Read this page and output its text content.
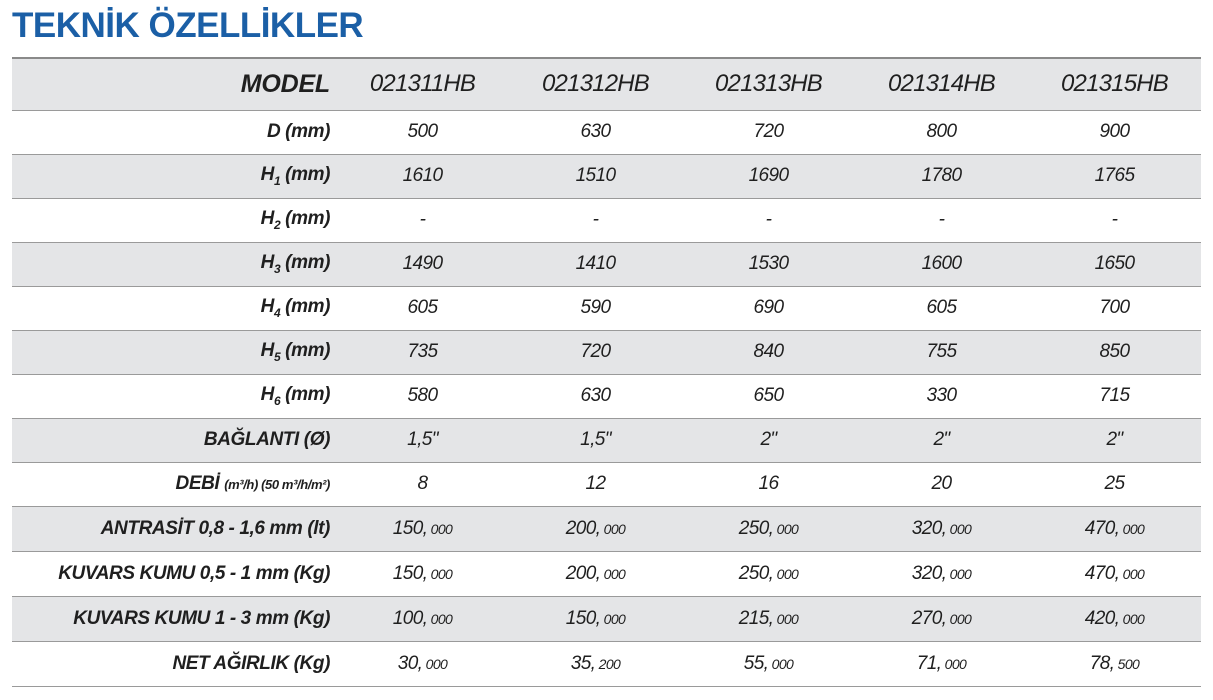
TEKNİK ÖZELLİKLER
MODEL	021311HB	021312HB	021313HB	021314HB	021315HB
D (mm)	500	630	720	800	900
$H_1$ (mm)	1610	1510	1690	1780	1765
$H_2$ (mm)	-	-	-	-	-
$H_3$ (mm)	1490	1410	1530	1600	1650
$H_4$ (mm)	605	590	690	605	700
$H_5$ (mm)	735	720	840	755	850
$H_6$ (mm)	580	630	650	330	715
BAĞLANTI (Ø)	1,5"	1,5"	2"	2"	2"
DEBİ (m³/h) (50 m³/h/m²)	8	12	16	20	25
ANTRASİT 0,8 - 1,6 mm (lt)	150, 000	200, 000	250, 000	320, 000	470, 000
KUVARS KUMU 0,5 - 1 mm (Kg)	150, 000	200, 000	250, 000	320, 000	470, 000
KUVARS KUMU 1 - 3 mm (Kg)	100, 000	150, 000	215, 000	270, 000	420, 000
NET AĞIRLIK (Kg)	30, 000	35, 200	55, 000	71, 000	78, 500
